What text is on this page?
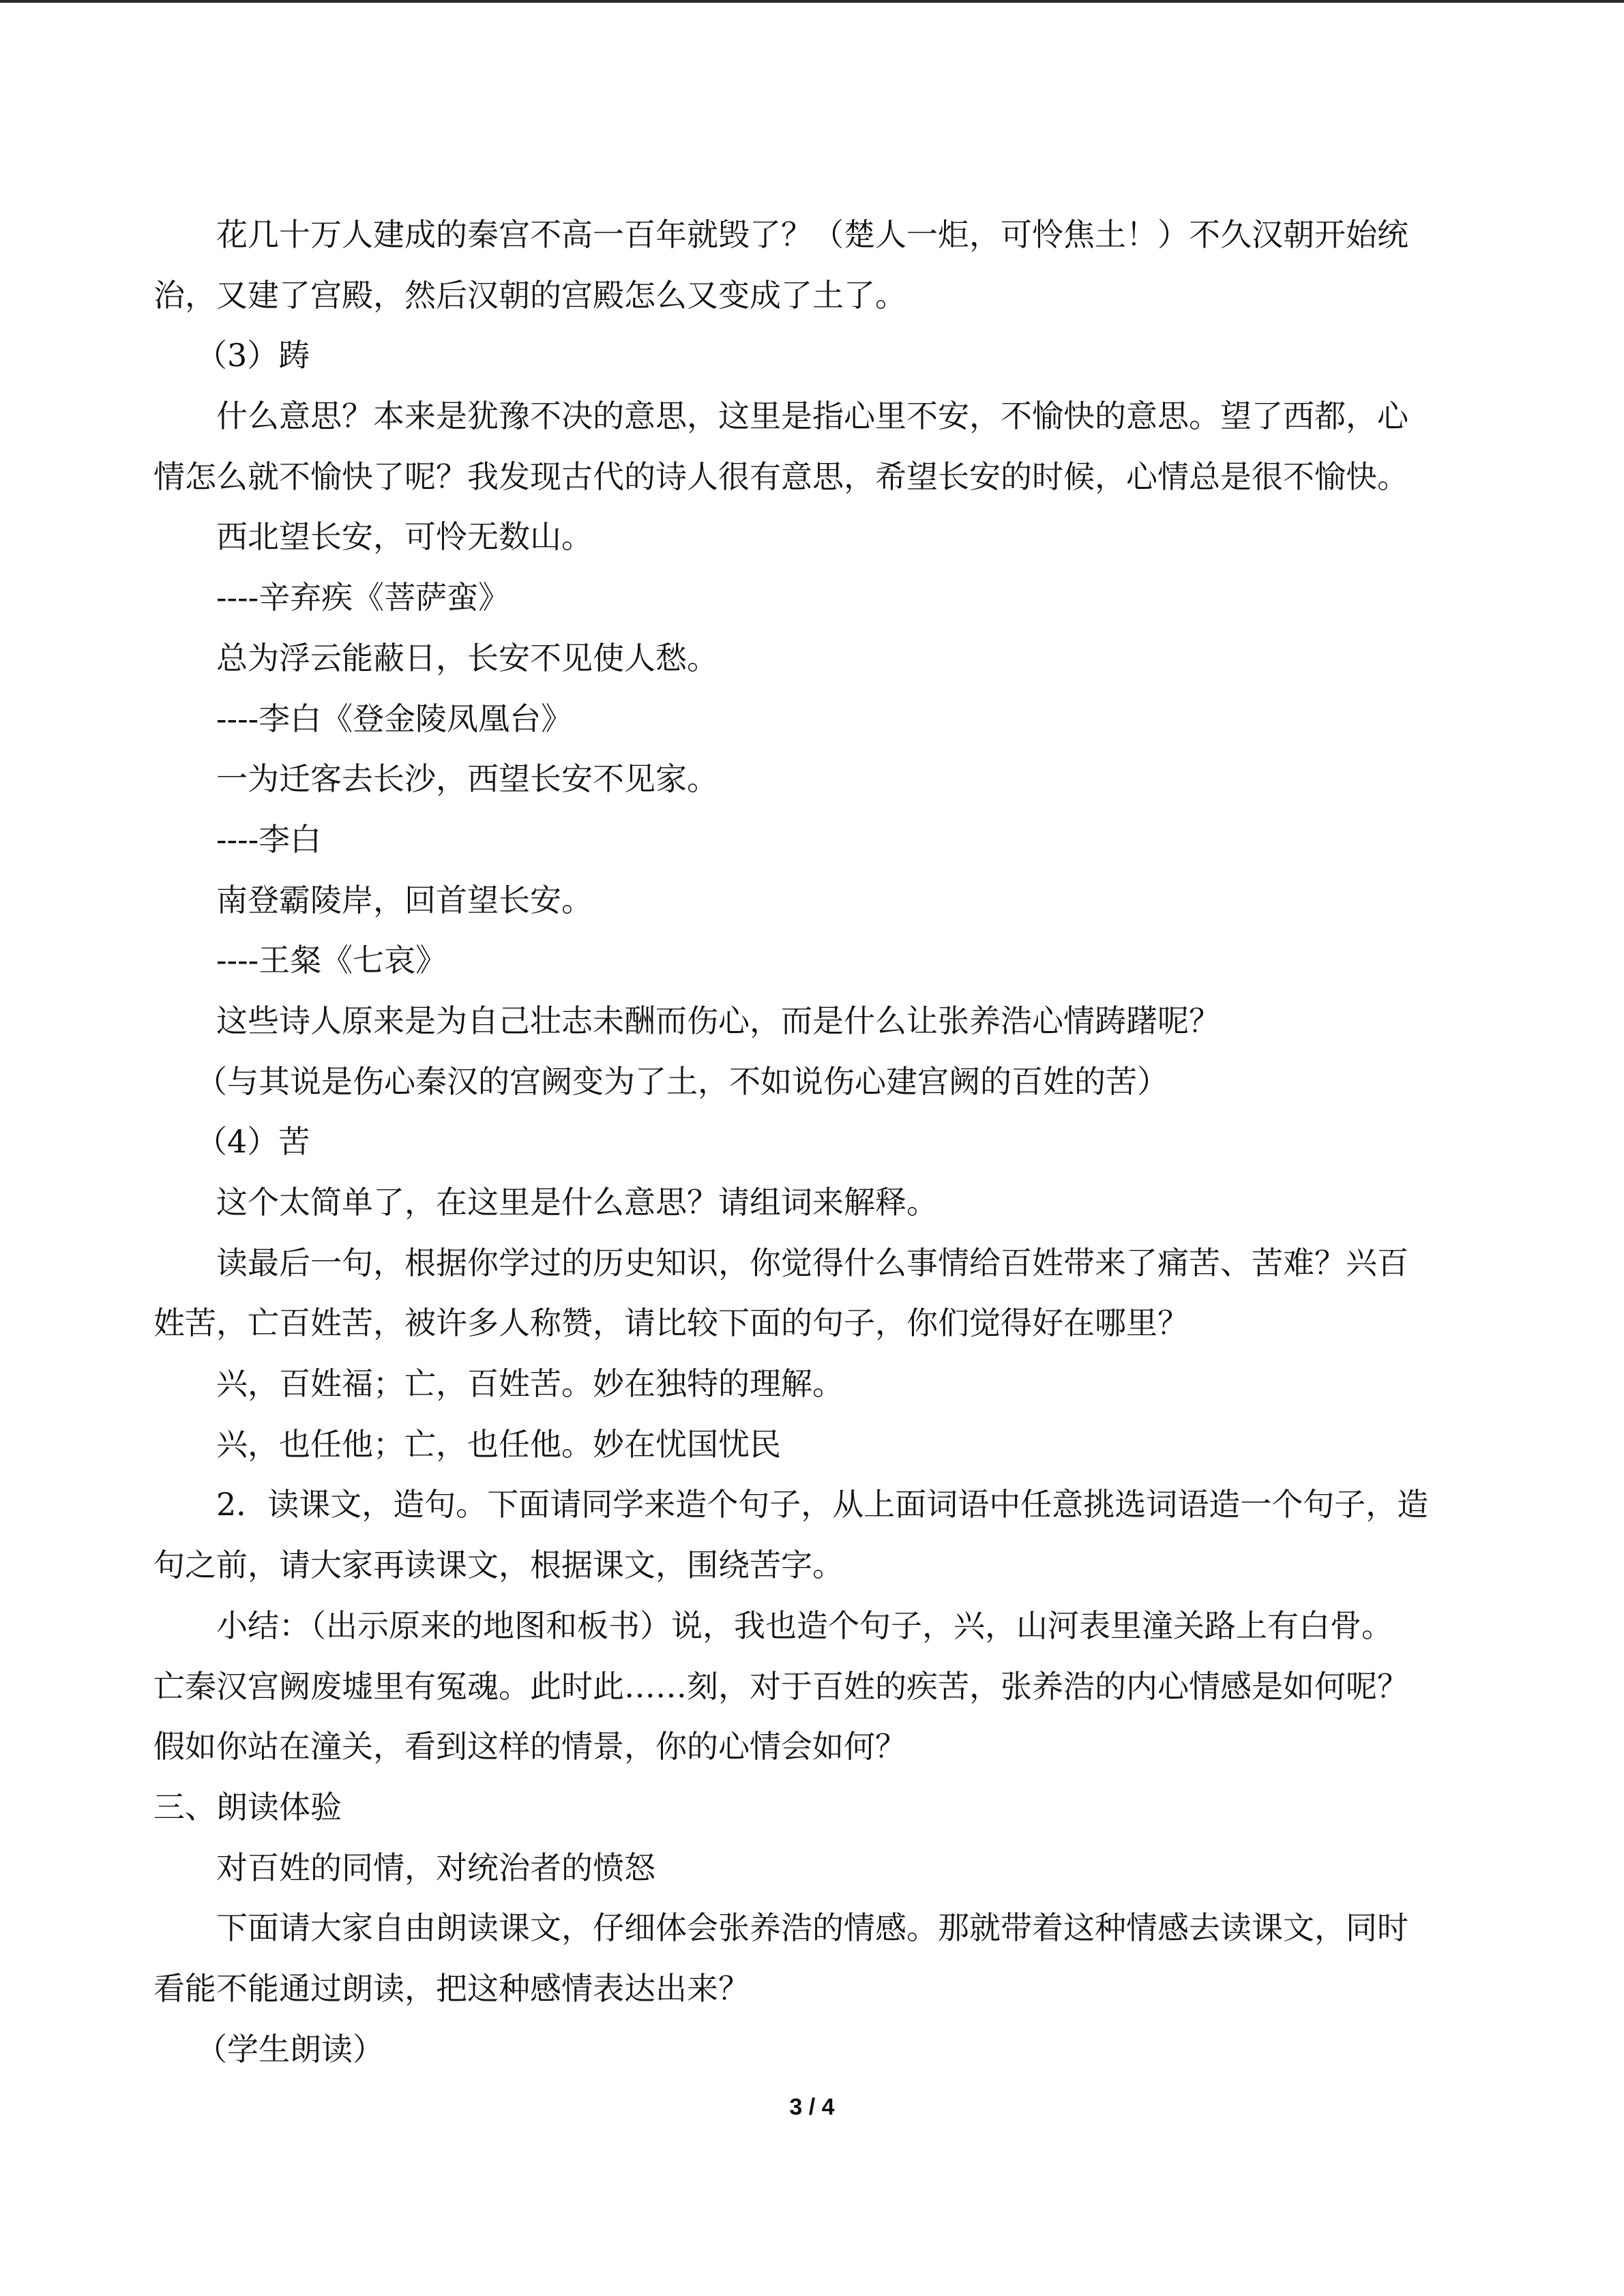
花几十万人建成的秦宫不高一百年就毁了？（楚人一炬，可怜焦土！）不久汉朝开始统
治，又建了宫殿，然后汉朝的宫殿怎么又变成了土了。
（3）踌
什么意思？本来是犹豫不决的意思，这里是指心里不安，不愉快的意思。望了西都，心
情怎么就不愉快了呢？我发现古代的诗人很有意思，希望长安的时候，心情总是很不愉快。
西北望长安，可怜无数山。
----辛弃疾《菩萨蛮》
总为浮云能蔽日，长安不见使人愁。
----李白《登金陵凤凰台》
一为迁客去长沙，西望长安不见家。
----李白
南登霸陵岸，回首望长安。
----王粲《七哀》
这些诗人原来是为自己壮志未酬而伤心，而是什么让张养浩心情踌躇呢？
（与其说是伤心秦汉的宫阙变为了土，不如说伤心建宫阙的百姓的苦）
（4）苦
这个太简单了，在这里是什么意思？请组词来解释。
读最后一句，根据你学过的历史知识，你觉得什么事情给百姓带来了痛苦、苦难？兴百
姓苦，亡百姓苦，被许多人称赞，请比较下面的句子，你们觉得好在哪里？
兴，百姓福；亡，百姓苦。妙在独特的理解。
兴，也任他；亡，也任他。妙在忧国忧民
2．读课文，造句。下面请同学来造个句子，从上面词语中任意挑选词语造一个句子，造
句之前，请大家再读课文，根据课文，围绕苦字。
小结：（出示原来的地图和板书）说，我也造个句子，兴，山河表里潼关路上有白骨。
亡秦汉宫阙废墟里有冤魂。此时此……刻，对于百姓的疾苦，张养浩的内心情感是如何呢？
假如你站在潼关，看到这样的情景，你的心情会如何？
三、朗读体验
对百姓的同情，对统治者的愤怒
下面请大家自由朗读课文，仔细体会张养浩的情感。那就带着这种情感去读课文，同时
看能不能通过朗读，把这种感情表达出来？
（学生朗读）
3 / 4
